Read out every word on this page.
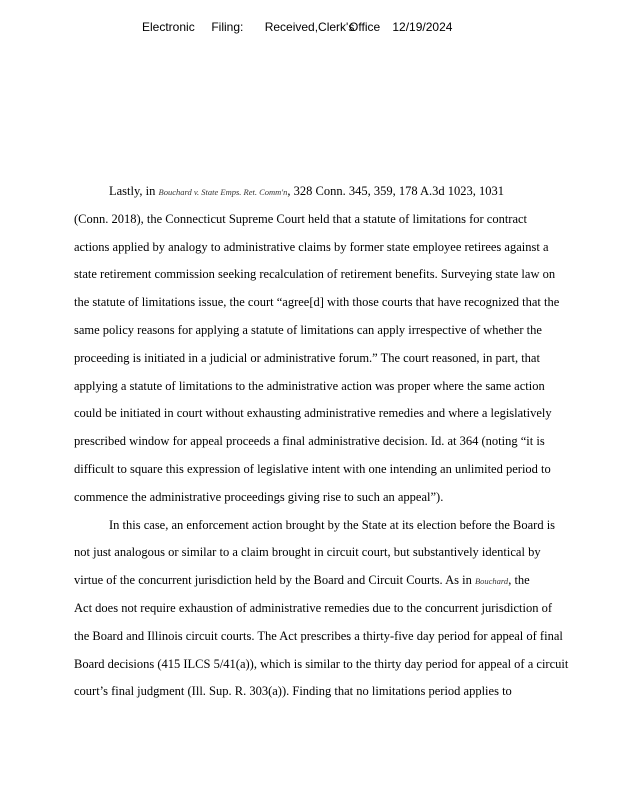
Electronic Filing: Received,Clerk's Office 12/19/2024
Lastly, in Bouchard v. State Emps. Ret. Comm'n, 328 Conn. 345, 359, 178 A.3d 1023, 1031
(Conn. 2018), the Connecticut Supreme Court held that a statute of limitations for contract
actions applied by analogy to administrative claims by former state employee retirees against a
state retirement commission seeking recalculation of retirement benefits. Surveying state law on
the statute of limitations issue, the court “agree[d] with those courts that have recognized that the
same policy reasons for applying a statute of limitations can apply irrespective of whether the
proceeding is initiated in a judicial or administrative forum.” The court reasoned, in part, that
applying a statute of limitations to the administrative action was proper where the same action
could be initiated in court without exhausting administrative remedies and where a legislatively
prescribed window for appeal proceeds a final administrative decision. Id. at 364 (noting “it is
difficult to square this expression of legislative intent with one intending an unlimited period to
commence the administrative proceedings giving rise to such an appeal”).
In this case, an enforcement action brought by the State at its election before the Board is
not just analogous or similar to a claim brought in circuit court, but substantively identical by
virtue of the concurrent jurisdiction held by the Board and Circuit Courts. As in Bouchard, the
Act does not require exhaustion of administrative remedies due to the concurrent jurisdiction of
the Board and Illinois circuit courts. The Act prescribes a thirty-five day period for appeal of final
Board decisions (415 ILCS 5/41(a)), which is similar to the thirty day period for appeal of a circuit
court’s final judgment (Ill. Sup. R. 303(a)). Finding that no limitations period applies to
